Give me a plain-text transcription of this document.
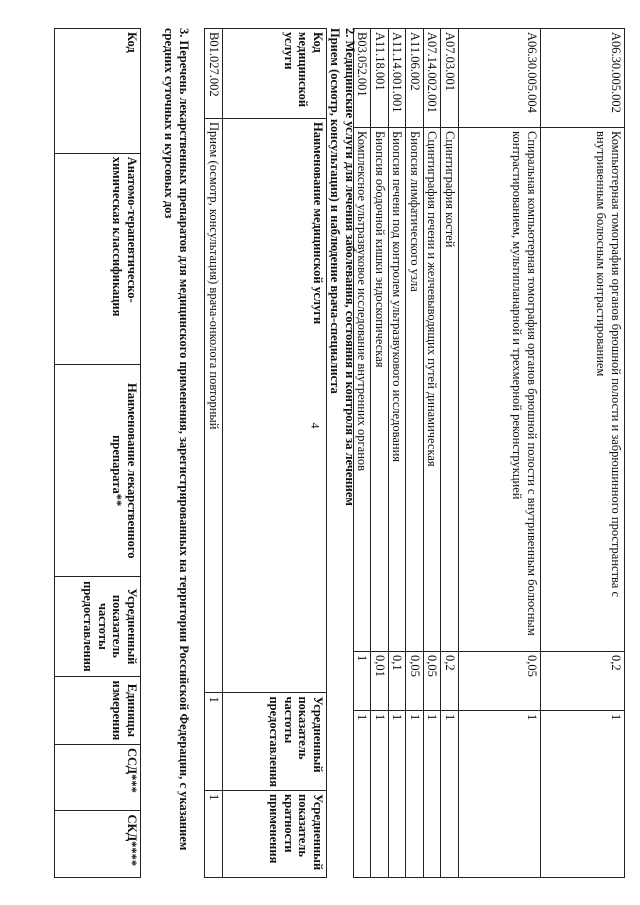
4
A06.30.005.002	Компьютерная томография органов брюшной полости и забрюшинного пространства с внутривенным болюсным контрастированием	0,2	1
A06.30.005.004	Спиральная компьютерная томография органов брюшной полости с внутривенным болюсным контрастированием, мультипланарной и трехмерной реконструкцией	0,05	1
A07.03.001	Сцинтиграфия костей	0,2	1
A07.14.002.001	Сцинтиграфия печени и желчевыводящих путей динамическая	0,05	1
A11.06.002	Биопсия лимфатического узла	0,05	1
A11.14.001.001	Биопсия печени под контролем ультразвукового исследования	0,1	1
A11.18.001	Биопсия ободочной кишки эндоскопическая	0,01	1
B03.052.001	Комплексное ультразвуковое исследование внутренних органов	1	1
2. Медицинские услуги для лечения заболевания, состояния и контроля за лечением
Прием (осмотр, консультация) и наблюдение врача-специалиста
Код медицинской услуги	Наименование медицинской услуги	Усредненный показатель частоты предоставления	Усредненный показатель кратности применения
B01.027.002	Прием (осмотр, консультация) врача-онколога повторный	1	1
3. Перечень лекарственных препаратов для медицинского применения, зарегистрированных на территории Российской Федерации, с указанием средних суточных и курсовых доз
Код	Анатомо-терапевтическо-химическая классификация	Наименование лекарственного препарата**	Усредненный показатель частоты предоставления	Единицы измерения	ССД***	СКД****
